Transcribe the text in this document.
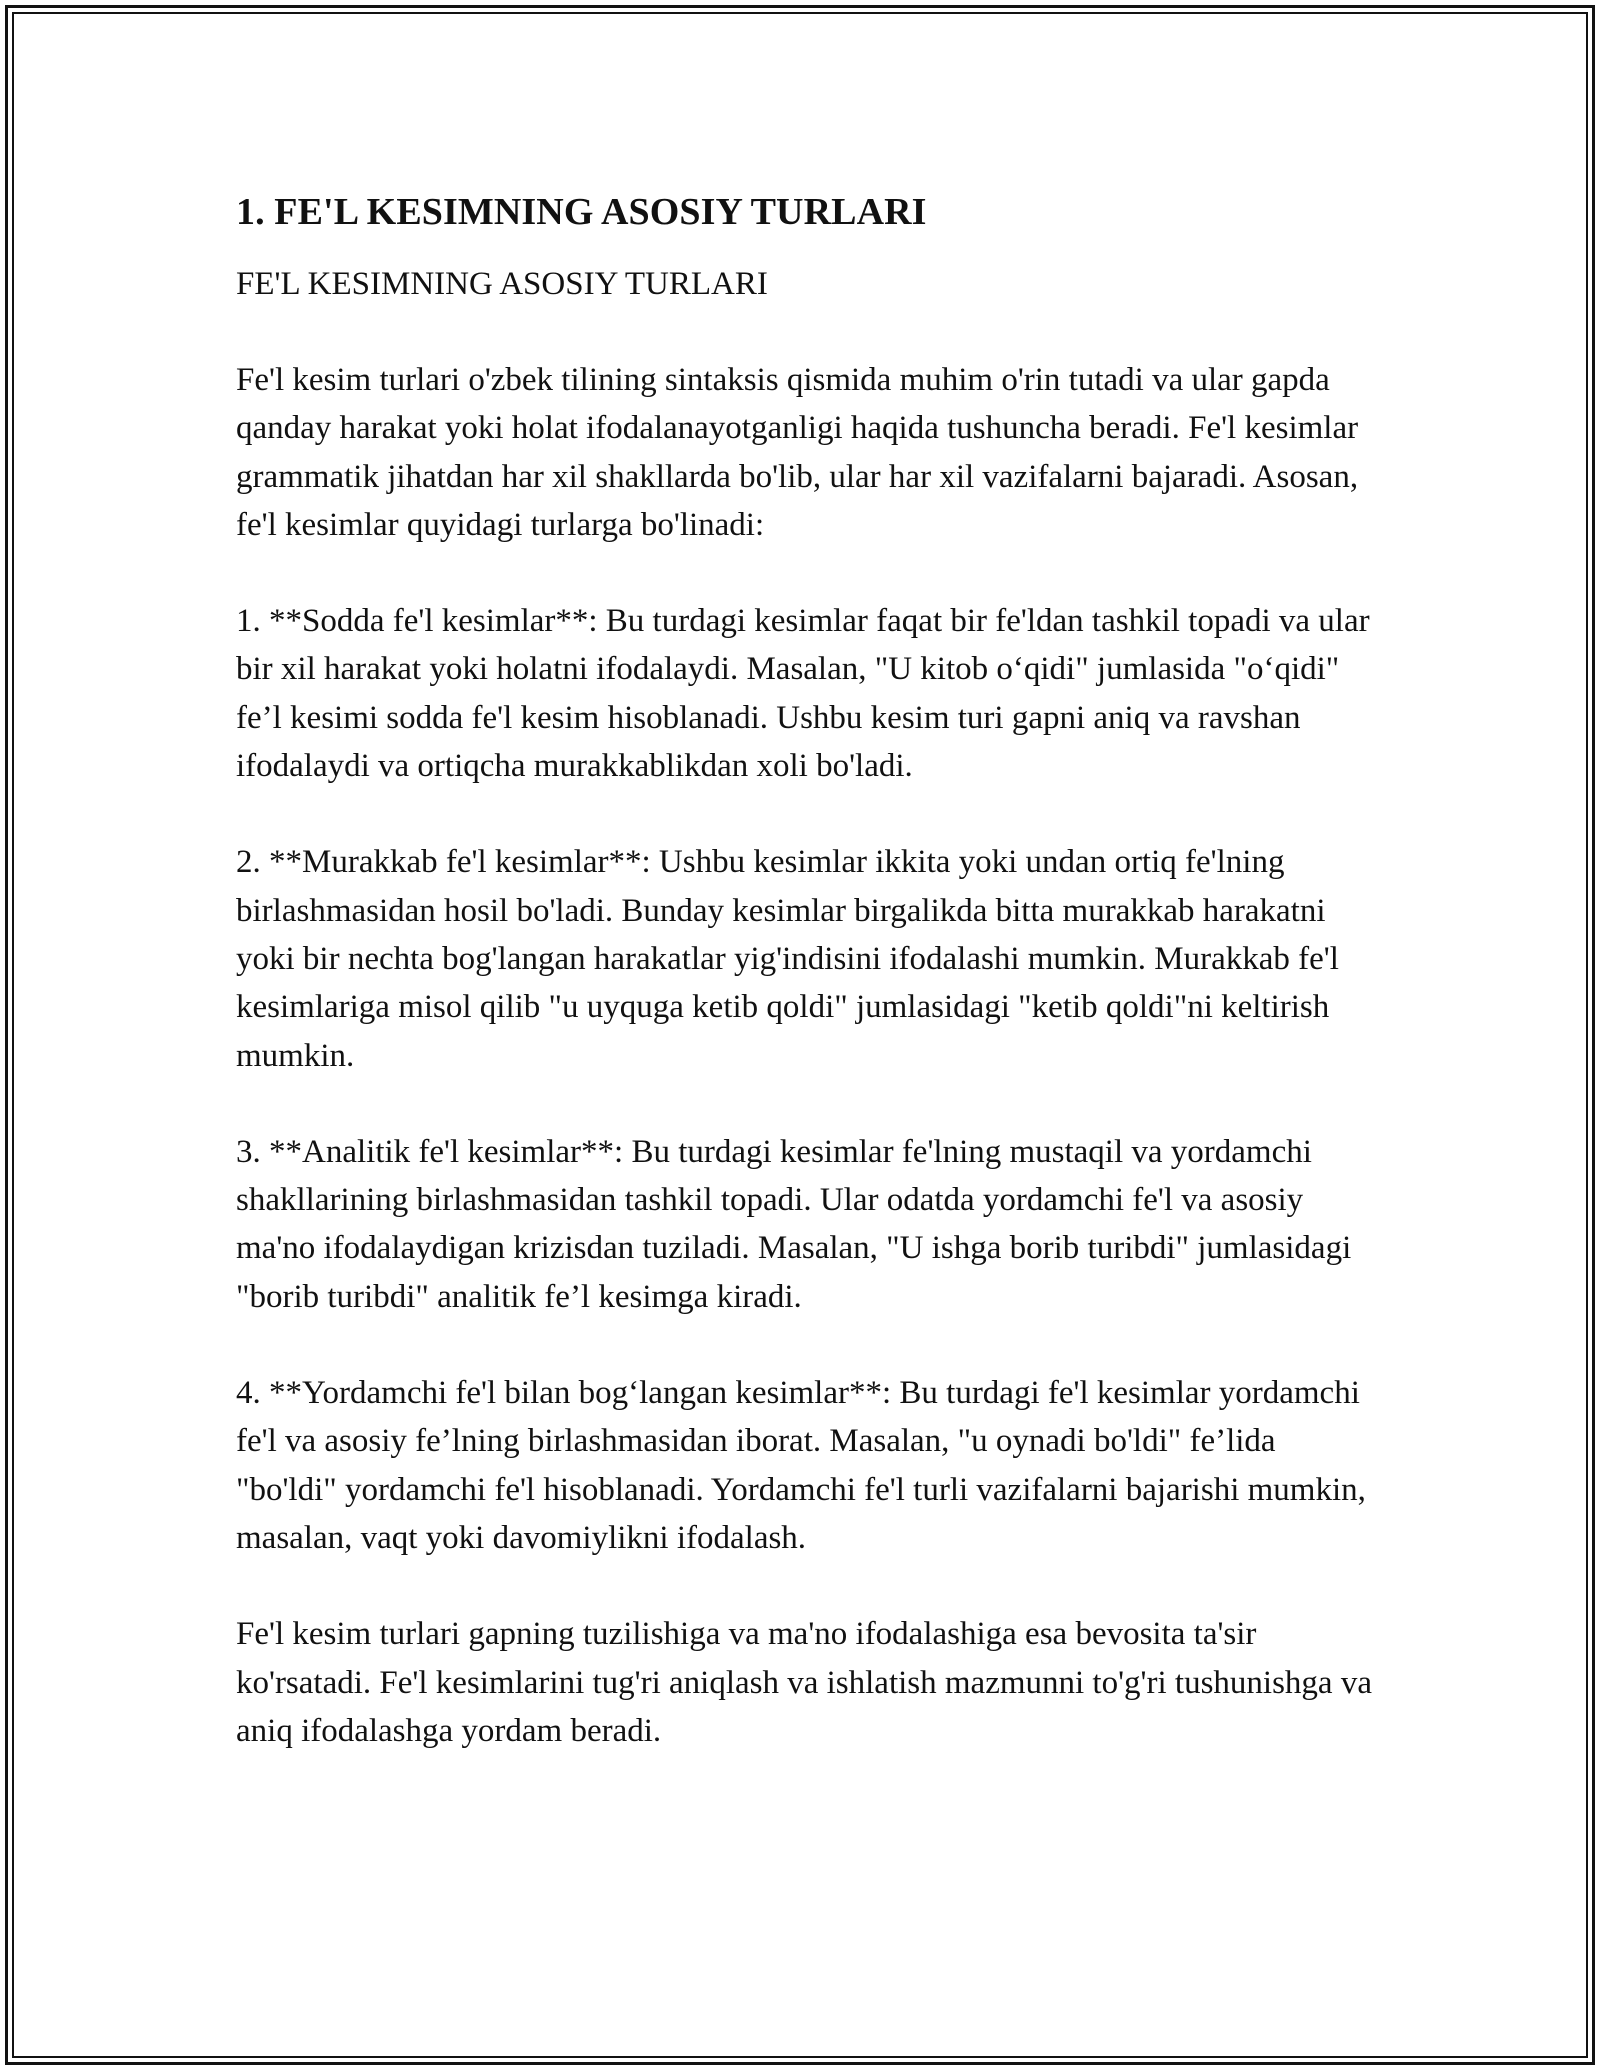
1. FE'L KESIMNING ASOSIY TURLARI

FE'L KESIMNING ASOSIY TURLARI

Fe'l kesim turlari o'zbek tilining sintaksis qismida muhim o'rin tutadi va ular gapda qanday harakat yoki holat ifodalanayotganligi haqida tushuncha beradi. Fe'l kesimlar grammatik jihatdan har xil shakllarda bo'lib, ular har xil vazifalarni bajaradi. Asosan, fe'l kesimlar quyidagi turlarga bo'linadi:

1. **Sodda fe'l kesimlar**: Bu turdagi kesimlar faqat bir fe'ldan tashkil topadi va ular bir xil harakat yoki holatni ifodalaydi. Masalan, "U kitob o‘qidi" jumlasida "o‘qidi" fe’l kesimi sodda fe'l kesim hisoblanadi. Ushbu kesim turi gapni aniq va ravshan ifodalaydi va ortiqcha murakkablikdan xoli bo'ladi.

2. **Murakkab fe'l kesimlar**: Ushbu kesimlar ikkita yoki undan ortiq fe'lning birlashmasidan hosil bo'ladi. Bunday kesimlar birgalikda bitta murakkab harakatni yoki bir nechta bog'langan harakatlar yig'indisini ifodalashi mumkin. Murakkab fe'l kesimlariga misol qilib "u uyquga ketib qoldi" jumlasidagi "ketib qoldi"ni keltirish mumkin.

3. **Analitik fe'l kesimlar**: Bu turdagi kesimlar fe'lning mustaqil va yordamchi shakllarining birlashmasidan tashkil topadi. Ular odatda yordamchi fe'l va asosiy ma'no ifodalaydigan krizisdan tuziladi. Masalan, "U ishga borib turibdi" jumlasidagi "borib turibdi" analitik fe’l kesimga kiradi.

4. **Yordamchi fe'l bilan bog‘langan kesimlar**: Bu turdagi fe'l kesimlar yordamchi fe'l va asosiy fe’lning birlashmasidan iborat. Masalan, "u oynadi bo'ldi" fe’lida "bo'ldi" yordamchi fe'l hisoblanadi. Yordamchi fe'l turli vazifalarni bajarishi mumkin, masalan, vaqt yoki davomiylikni ifodalash.

Fe'l kesim turlari gapning tuzilishiga va ma'no ifodalashiga esa bevosita ta'sir ko'rsatadi. Fe'l kesimlarini tug'ri aniqlash va ishlatish mazmunni to'g'ri tushunishga va aniq ifodalashga yordam beradi.
